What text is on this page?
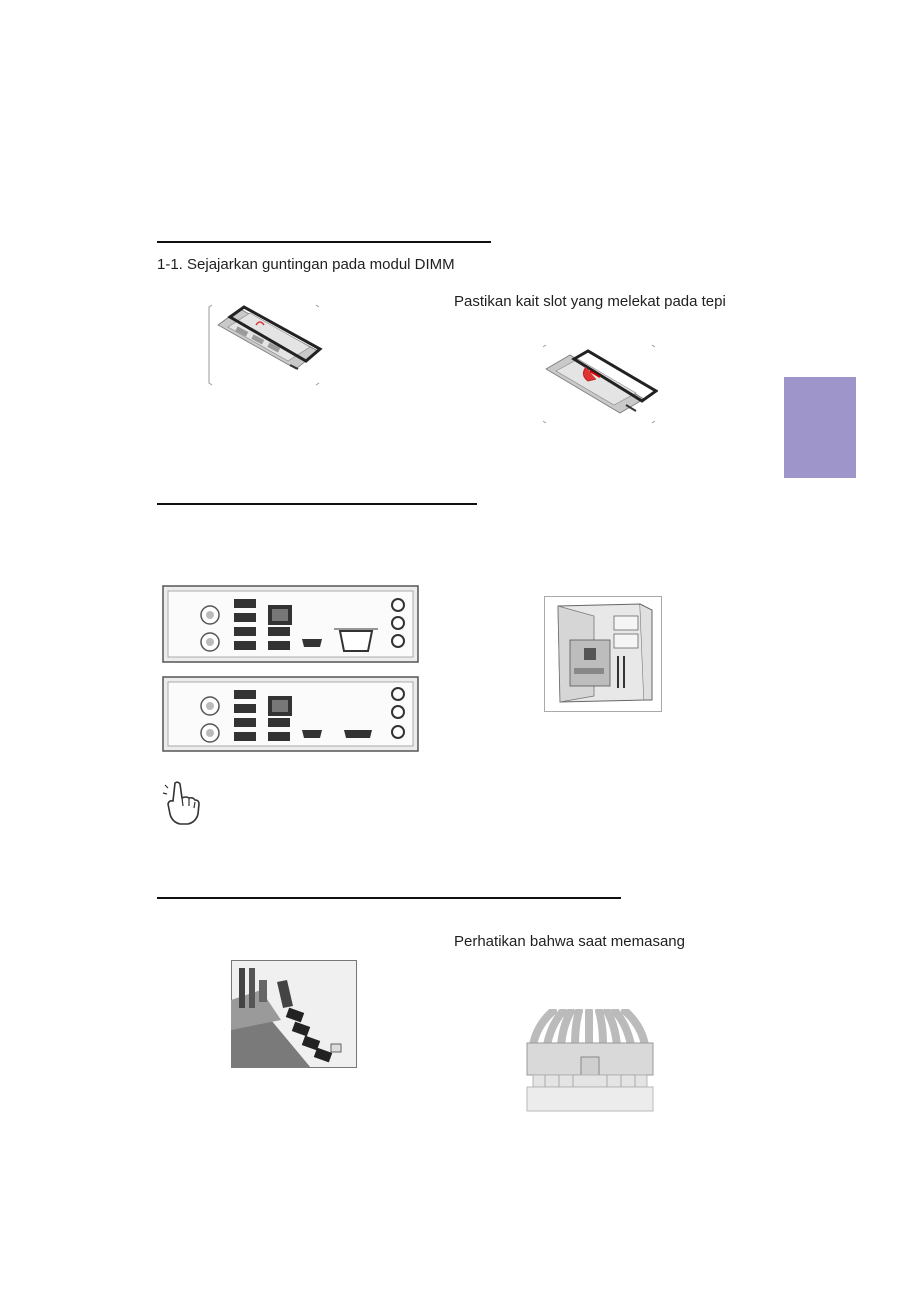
1-1. Sejajarkan guntingan pada modul DIMM
Pastikan kait slot yang melekat pada tepi
Perhatikan bahwa saat memasang
